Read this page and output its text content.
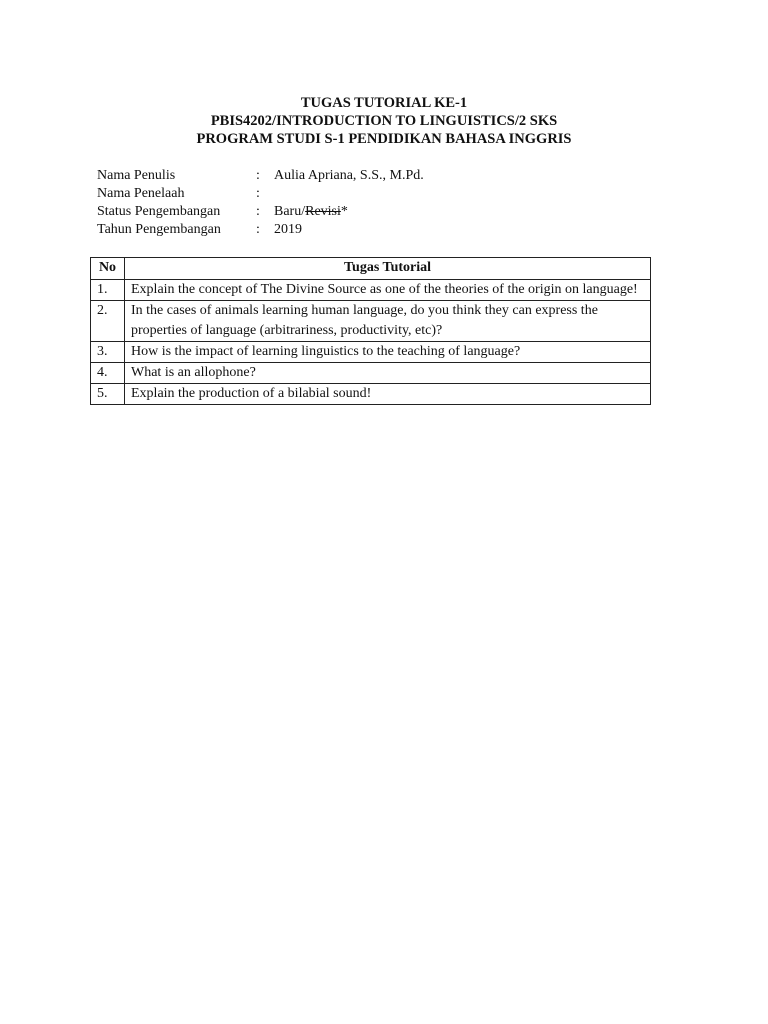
TUGAS TUTORIAL KE-1
PBIS4202/INTRODUCTION TO LINGUISTICS/2 SKS
PROGRAM STUDI S-1 PENDIDIKAN BAHASA INGGRIS
Nama Penulis	:	Aulia Apriana, S.S., M.Pd.
Nama Penelaah	:
Status Pengembangan	:	Baru/Revisi*
Tahun Pengembangan	:	2019
No	Tugas Tutorial
1.	Explain the concept of The Divine Source as one of the theories of the origin on language!
2.	In the cases of animals learning human language, do you think they can express the properties of language (arbitrariness, productivity, etc)?
3.	How is the impact of learning linguistics to the teaching of language?
4.	What is an allophone?
5.	Explain the production of a bilabial sound!
